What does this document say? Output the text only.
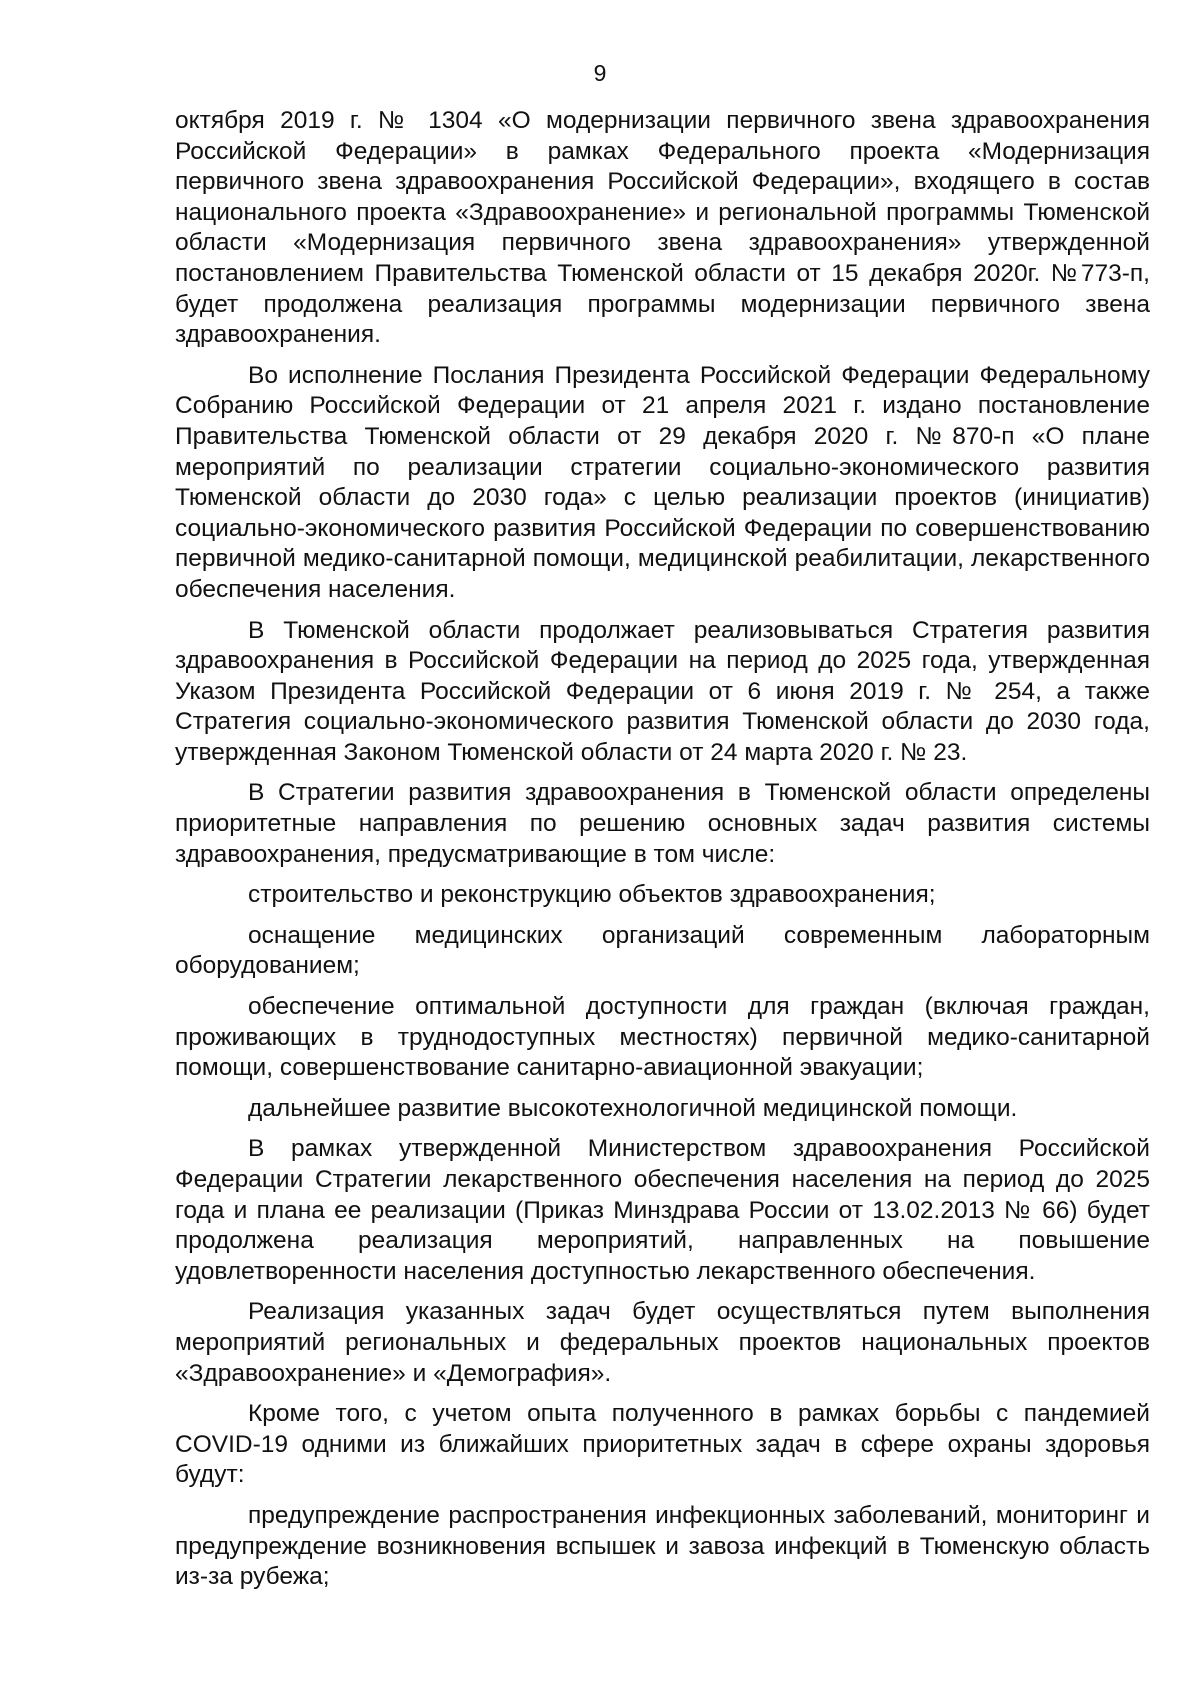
9

октября 2019 г. № 1304 «О модернизации первичного звена здравоохранения Российской Федерации» в рамках Федерального проекта «Модернизация первичного звена здравоохранения Российской Федерации», входящего в состав национального проекта «Здравоохранение» и региональной программы Тюменской области «Модернизация первичного звена здравоохранения» утвержденной постановлением Правительства Тюменской области от 15 декабря 2020г. №773-п, будет продолжена реализация программы модернизации первичного звена здравоохранения.

Во исполнение Послания Президента Российской Федерации Федеральному Собранию Российской Федерации от 21 апреля 2021 г. издано постановление Правительства Тюменской области от 29 декабря 2020 г. №870-п «О плане мероприятий по реализации стратегии социально-экономического развития Тюменской области до 2030 года» с целью реализации проектов (инициатив) социально-экономического развития Российской Федерации по совершенствованию первичной медико-санитарной помощи, медицинской реабилитации, лекарственного обеспечения населения.

В Тюменской области продолжает реализовываться Стратегия развития здравоохранения в Российской Федерации на период до 2025 года, утвержденная Указом Президента Российской Федерации от 6 июня 2019 г. № 254, а также Стратегия социально-экономического развития Тюменской области до 2030 года, утвержденная Законом Тюменской области от 24 марта 2020 г. № 23.

В Стратегии развития здравоохранения в Тюменской области определены приоритетные направления по решению основных задач развития системы здравоохранения, предусматривающие в том числе:

строительство и реконструкцию объектов здравоохранения;

оснащение медицинских организаций современным лабораторным оборудованием;

обеспечение оптимальной доступности для граждан (включая граждан, проживающих в труднодоступных местностях) первичной медико-санитарной помощи, совершенствование санитарно-авиационной эвакуации;

дальнейшее развитие высокотехнологичной медицинской помощи.

В рамках утвержденной Министерством здравоохранения Российской Федерации Стратегии лекарственного обеспечения населения на период до 2025 года и плана ее реализации (Приказ Минздрава России от 13.02.2013 № 66) будет продолжена реализация мероприятий, направленных на повышение удовлетворенности населения доступностью лекарственного обеспечения.

Реализация указанных задач будет осуществляться путем выполнения мероприятий региональных и федеральных проектов национальных проектов «Здравоохранение» и «Демография».

Кроме того, с учетом опыта полученного в рамках борьбы с пандемией COVID-19 одними из ближайших приоритетных задач в сфере охраны здоровья будут:

предупреждение распространения инфекционных заболеваний, мониторинг и предупреждение возникновения вспышек и завоза инфекций в Тюменскую область из-за рубежа;
